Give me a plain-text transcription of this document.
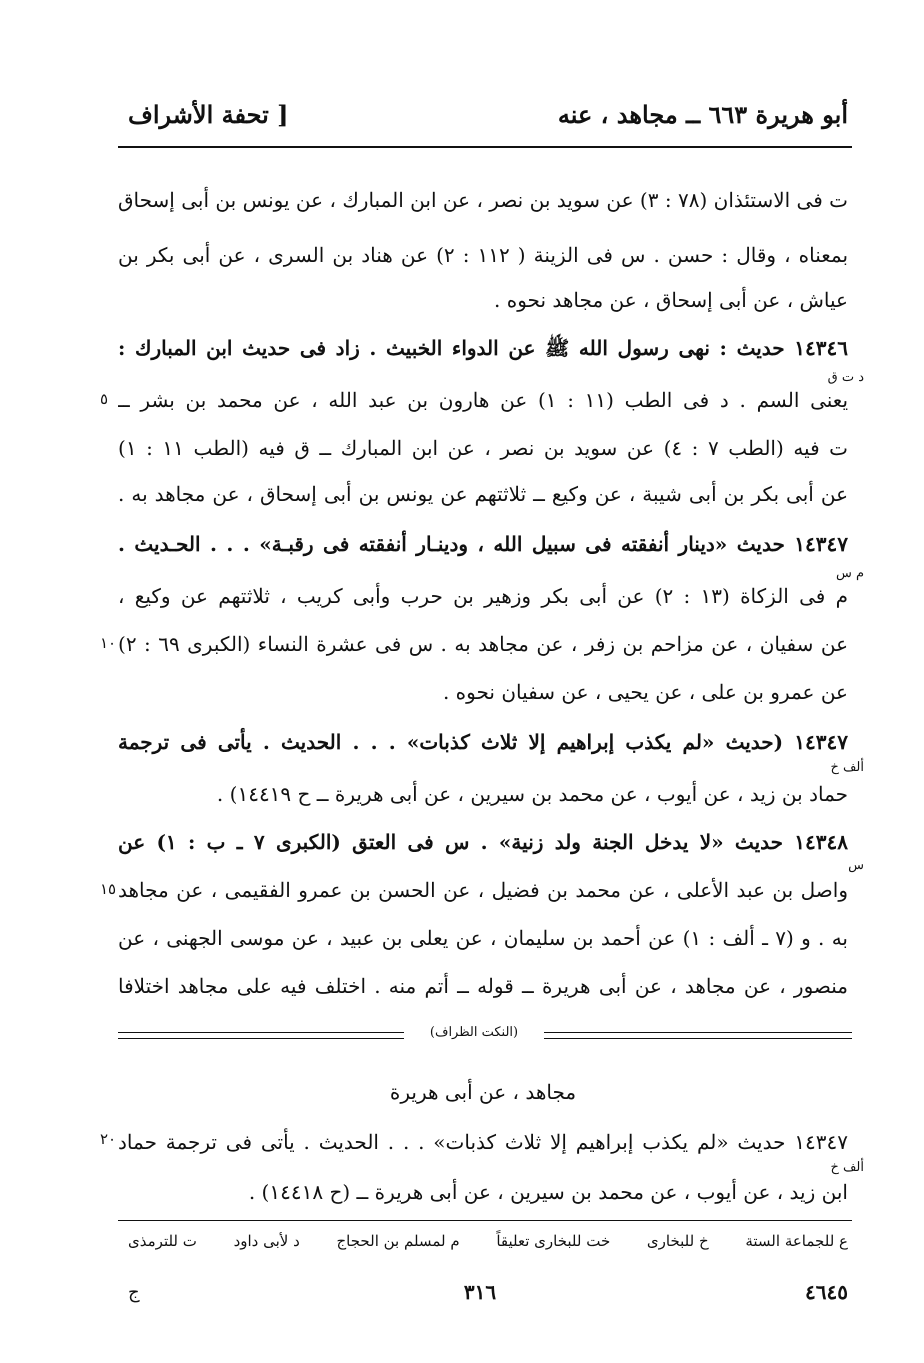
أبو هريرة ٦٦٣ ــ مجاهد ، عنه
[ تحفة الأشراف
ت فى الاستئذان (٧٨ : ٣) عن سويد بن نصر ، عن ابن المبارك ، عن يونس بن أبى إسحاق
بمعناه ، وقال : حسن . س فى الزينة ( ١١٢ : ٢) عن هناد بن السرى ، عن أبى بكر بن
عياش ، عن أبى إسحاق ، عن مجاهد نحوه .
١٤٣٤٦ حديث : نهى رسول الله ﷺ عن الدواء الخبيث . زاد فى حديث ابن المبارك :
يعنى السم . د فى الطب (١١ : ١) عن هارون بن عبد الله ، عن محمد بن بشر ــ
ت فيه (الطب ٧ : ٤) عن سويد بن نصر ، عن ابن المبارك ــ ق فيه (الطب ١١ : ١)
عن أبى بكر بن أبى شيبة ، عن وكيع ــ ثلاثتهم عن يونس بن أبى إسحاق ، عن مجاهد به .
١٤٣٤٧ حديث «دينار أنفقته فى سبيل الله ، ودينـار أنفقته فى رقبـة» . . . الحـديث .
م فى الزكاة (١٣ : ٢) عن أبى بكر وزهير بن حرب وأبى كريب ، ثلاثتهم عن وكيع ،
عن سفيان ، عن مزاحم بن زفر ، عن مجاهد به . س فى عشرة النساء (الكبرى ٦٩ : ٢)
عن عمرو بن على ، عن يحيى ، عن سفيان نحوه .
١٤٣٤٧ (حديث «لم يكذب إبراهيم إلا ثلاث كذبات» . . . الحديث . يأتى فى ترجمة
حماد بن زيد ، عن أيوب ، عن محمد بن سيرين ، عن أبى هريرة ــ ح ١٤٤١٩) .
١٤٣٤٨ حديث «لا يدخل الجنة ولد زنية» . س فى العتق (الكبرى ٧ ـ ب : ١) عن
واصل بن عبد الأعلى ، عن محمد بن فضيل ، عن الحسن بن عمرو الفقيمى ، عن مجاهد
به . و (٧ ـ ألف : ١) عن أحمد بن سليمان ، عن يعلى بن عبيد ، عن موسى الجهنى ، عن
منصور ، عن مجاهد ، عن أبى هريرة ــ قوله ــ أتم منه . اختلف فيه على مجاهد اختلافا
د ت ق
م س
ألف خ
س
ألف خ
٥
١٠
١٥
٢٠
(النكت الظراف)
مجاهد ، عن أبى هريرة
١٤٣٤٧ حديث «لم يكذب إبراهيم إلا ثلاث كذبات» . . . الحديث . يأتى فى ترجمة حماد
ابن زيد ، عن أيوب ، عن محمد بن سيرين ، عن أبى هريرة ــ (ح ١٤٤١٨) .
ع للجماعة الستة
خ للبخارى
خت للبخارى تعليقاً
م لمسلم بن الحجاج
د لأبى داود
ت للترمذى
٤٦٤٥
٣١٦
ج
